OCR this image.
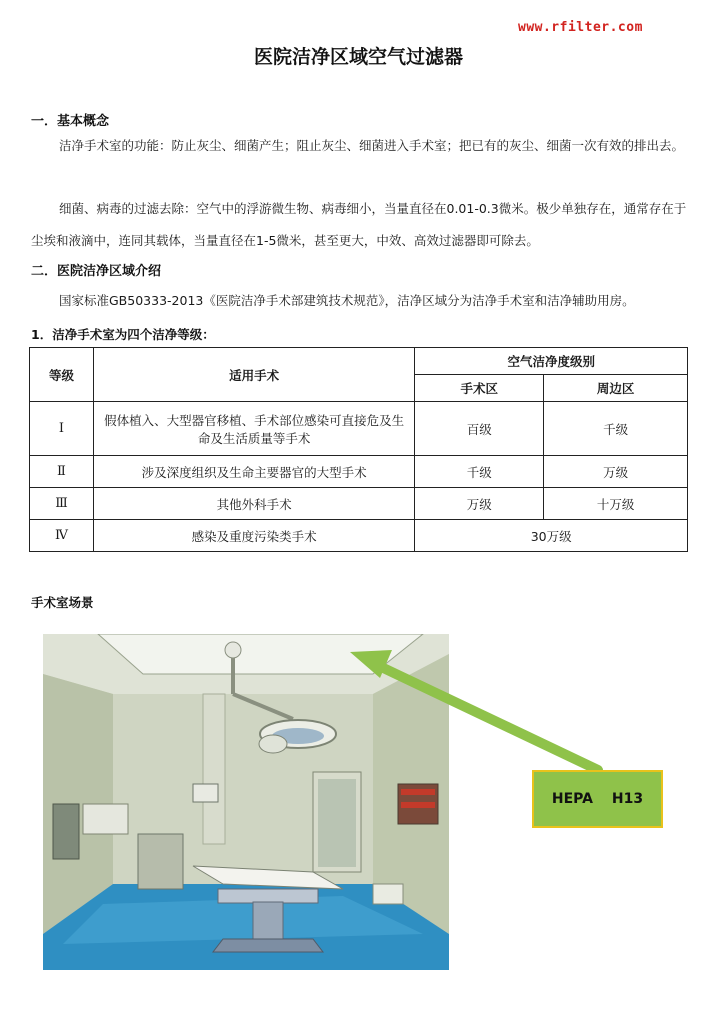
www.rfilter.com
医院洁净区域空气过滤器
一．基本概念
洁净手术室的功能：防止灰尘、细菌产生；阻止灰尘、细菌进入手术室；把已有的灰尘、细菌一次有效的排出去。
细菌、病毒的过滤去除：空气中的浮游微生物、病毒细小，当量直径在0.01-0.3微米。极少单独存在，通常存在于尘埃和液滴中，连同其载体，当量直径在1-5微米，甚至更大，中效、高效过滤器即可除去。
二．医院洁净区域介绍
国家标准GB50333-2013《医院洁净手术部建筑技术规范》，洁净区域分为洁净手术室和洁净辅助用房。
1．洁净手术室为四个洁净等级：
等级	适用手术	空气洁净度级别	
		手术区	周边区
Ⅰ	假体植入、大型器官移植、手术部位感染可直接危及生命及生活质量等手术	百级	千级
Ⅱ	涉及深度组织及生命主要器官的大型手术	千级	万级
Ⅲ	其他外科手术	万级	十万级
Ⅳ	感染及重度污染类手术	30万级	
手术室场景
HEPA H13
